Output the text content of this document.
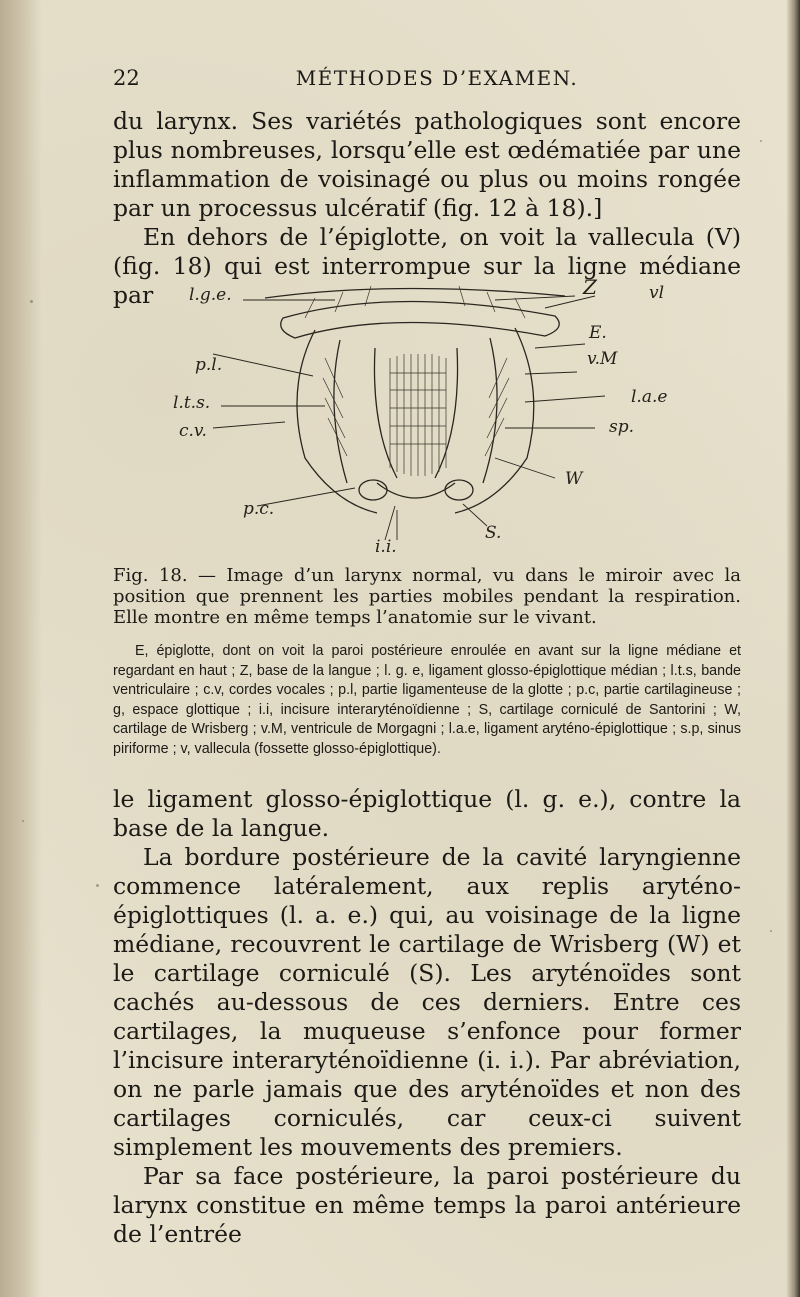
22	MÉTHODES D’EXAMEN.

du larynx. Ses variétés pathologiques sont encore plus nombreuses, lorsqu’elle est œdématiée par une inflammation de voisinagé ou plus ou moins rongée par un processus ulcératif (fig. 12 à 18).]

En dehors de l’épiglotte, on voit la vallecula (V) (fig. 18) qui est interrompue sur la ligne médiane par	l.g.e.	Z	vl
E.
v.M
p.l.
l.t.s.	l.a.e
sp.
c.v.
W
p.c.
i.i.
S.

Fig. 18. — Image d’un larynx normal, vu dans le miroir avec la position que prennent les parties mobiles pendant la respiration. Elle montre en même temps l’anatomie sur le vivant.

E, épiglotte, dont on voit la paroi postérieure enroulée en avant sur la ligne médiane et regardant en haut ; Z, base de la langue ; l. g. e, ligament glosso-épiglottique médian ; l.t.s, bande ventriculaire ; c.v, cordes vocales ; p.l, partie ligamenteuse de la glotte ; p.c, partie cartilagineuse ; g, espace glottique ; i.i, incisure interaryténoïdienne ; S, cartilage corniculé de Santorini ; W, cartilage de Wrisberg ; v.M, ventricule de Morgagni ; l.a.e, ligament aryténo-épiglottique ; s.p, sinus piriforme ; v, vallecula (fossette glosso-épiglottique).

le ligament glosso-épiglottique (l. g. e.), contre la base de la langue.

La bordure postérieure de la cavité laryngienne commence latéralement, aux replis aryténo-épiglottiques (l. a. e.) qui, au voisinage de la ligne médiane, recouvrent le cartilage de Wrisberg (W) et le cartilage corniculé (S). Les aryténoïdes sont cachés au-dessous de ces derniers. Entre ces cartilages, la muqueuse s’enfonce pour former l’incisure interaryténoïdienne (i. i.). Par abréviation, on ne parle jamais que des aryténoïdes et non des cartilages corniculés, car ceux-ci suivent simplement les mouvements des premiers.

Par sa face postérieure, la paroi postérieure du larynx constitue en même temps la paroi antérieure de l’entrée
